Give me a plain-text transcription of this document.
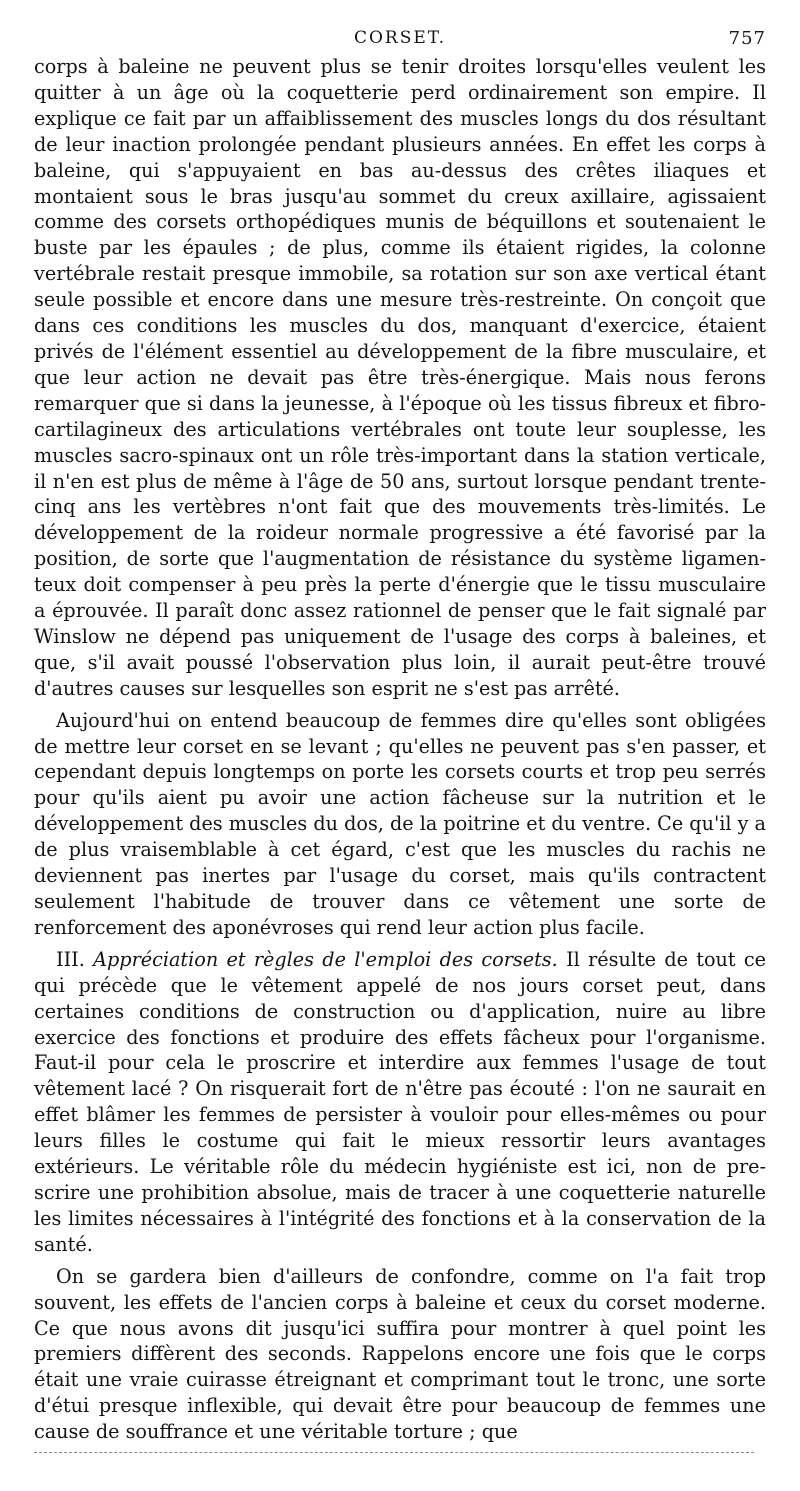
CORSET.	757

corps à baleine ne peuvent plus se tenir droites lorsqu'elles veulent les quitter à un âge où la coquetterie perd ordinairement son empire. Il explique ce fait par un affaiblissement des muscles longs du dos résultant de leur inaction prolongée pendant plusieurs années. En effet les corps à baleine, qui s'appuyaient en bas au-dessus des crêtes iliaques et montaient sous le bras jusqu'au sommet du creux axillaire, agissaient comme des corsets orthopédiques munis de béquillons et soutenaient le buste par les épaules ; de plus, comme ils étaient rigides, la colonne vertébrale restait presque immobile, sa rotation sur son axe vertical étant seule possible et encore dans une mesure très-restreinte. On conçoit que dans ces conditions les muscles du dos, manquant d'exercice, étaient privés de l'élément essentiel au développement de la fibre musculaire, et que leur action ne devait pas être très-énergique. Mais nous ferons remarquer que si dans la jeunesse, à l'époque où les tissus fibreux et fibro-cartilagineux des articulations vertébrales ont toute leur souplesse, les muscles sacro-spinaux ont un rôle très-important dans la station verticale, il n'en est plus de même à l'âge de 50 ans, surtout lorsque pendant trente-cinq ans les vertèbres n'ont fait que des mouvements très-limités. Le développement de la roideur normale progressive a été favorisé par la position, de sorte que l'augmentation de résistance du système ligamenteux doit compenser à peu près la perte d'énergie que le tissu musculaire a éprouvée. Il paraît donc assez rationnel de penser que le fait signalé par Winslow ne dépend pas uniquement de l'usage des corps à baleines, et que, s'il avait poussé l'observation plus loin, il aurait peut-être trouvé d'autres causes sur lesquelles son esprit ne s'est pas arrêté.

Aujourd'hui on entend beaucoup de femmes dire qu'elles sont obligées de mettre leur corset en se levant ; qu'elles ne peuvent pas s'en passer, et cependant depuis longtemps on porte les corsets courts et trop peu serrés pour qu'ils aient pu avoir une action fâcheuse sur la nutrition et le développement des muscles du dos, de la poitrine et du ventre. Ce qu'il y a de plus vraisemblable à cet égard, c'est que les muscles du rachis ne deviennent pas inertes par l'usage du corset, mais qu'ils contractent seulement l'habitude de trouver dans ce vêtement une sorte de renforcement des aponévroses qui rend leur action plus facile.

III. Appréciation et règles de l'emploi des corsets. Il résulte de tout ce qui précède que le vêtement appelé de nos jours corset peut, dans certaines conditions de construction ou d'application, nuire au libre exercice des fonctions et produire des effets fâcheux pour l'organisme. Faut-il pour cela le proscrire et interdire aux femmes l'usage de tout vêtement lacé ? On risquerait fort de n'être pas écouté : l'on ne saurait en effet blâmer les femmes de persister à vouloir pour elles-mêmes ou pour leurs filles le costume qui fait le mieux ressortir leurs avantages extérieurs. Le véritable rôle du médecin hygiéniste est ici, non de prescrire une prohibition absolue, mais de tracer à une coquetterie naturelle les limites nécessaires à l'intégrité des fonctions et à la conservation de la santé.

On se gardera bien d'ailleurs de confondre, comme on l'a fait trop souvent, les effets de l'ancien corps à baleine et ceux du corset moderne. Ce que nous avons dit jusqu'ici suffira pour montrer à quel point les premiers diffèrent des seconds. Rappelons encore une fois que le corps était une vraie cuirasse étreignant et comprimant tout le tronc, une sorte d'étui presque inflexible, qui devait être pour beaucoup de femmes une cause de souffrance et une véritable torture ; que
